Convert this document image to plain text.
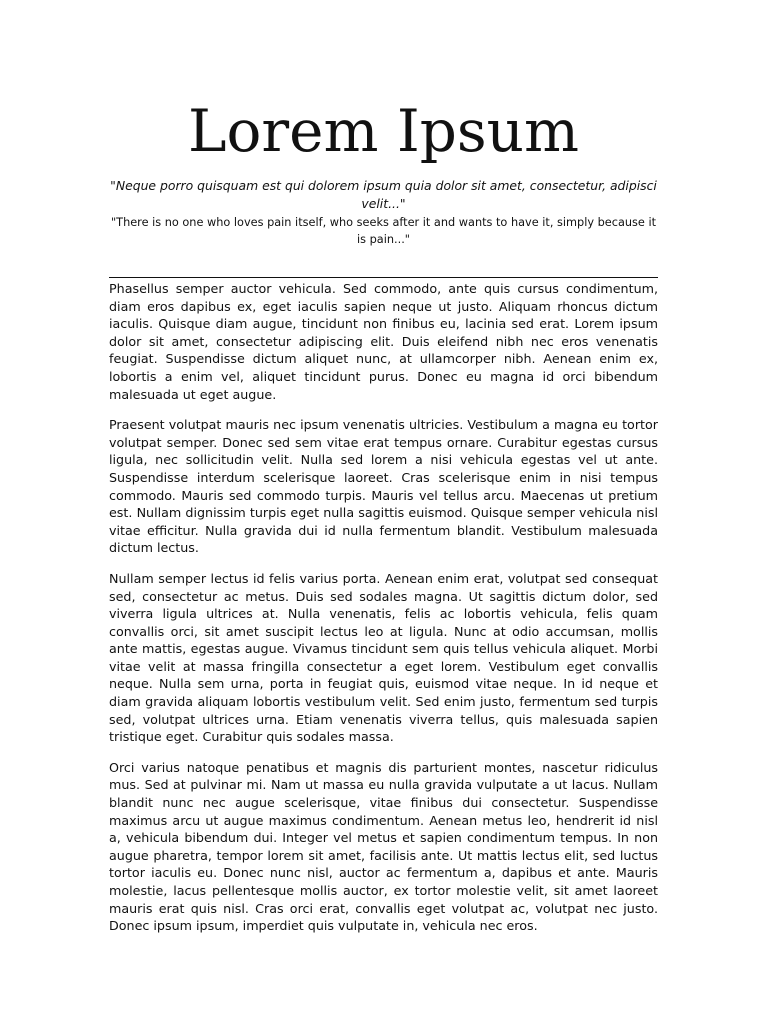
Lorem Ipsum

"Neque porro quisquam est qui dolorem ipsum quia dolor sit amet, consectetur, adipisci velit..."

"There is no one who loves pain itself, who seeks after it and wants to have it, simply because it is pain..."

Phasellus semper auctor vehicula. Sed commodo, ante quis cursus condimentum, diam eros dapibus ex, eget iaculis sapien neque ut justo. Aliquam rhoncus dictum iaculis. Quisque diam augue, tincidunt non finibus eu, lacinia sed erat. Lorem ipsum dolor sit amet, consectetur adipiscing elit. Duis eleifend nibh nec eros venenatis feugiat. Suspendisse dictum aliquet nunc, at ullamcorper nibh. Aenean enim ex, lobortis a enim vel, aliquet tincidunt purus. Donec eu magna id orci bibendum malesuada ut eget augue.

Praesent volutpat mauris nec ipsum venenatis ultricies. Vestibulum a magna eu tortor volutpat semper. Donec sed sem vitae erat tempus ornare. Curabitur egestas cursus ligula, nec sollicitudin velit. Nulla sed lorem a nisi vehicula egestas vel ut ante. Suspendisse interdum scelerisque laoreet. Cras scelerisque enim in nisi tempus commodo. Mauris sed commodo turpis. Mauris vel tellus arcu. Maecenas ut pretium est. Nullam dignissim turpis eget nulla sagittis euismod. Quisque semper vehicula nisl vitae efficitur. Nulla gravida dui id nulla fermentum blandit. Vestibulum malesuada dictum lectus.

Nullam semper lectus id felis varius porta. Aenean enim erat, volutpat sed consequat sed, consectetur ac metus. Duis sed sodales magna. Ut sagittis dictum dolor, sed viverra ligula ultrices at. Nulla venenatis, felis ac lobortis vehicula, felis quam convallis orci, sit amet suscipit lectus leo at ligula. Nunc at odio accumsan, mollis ante mattis, egestas augue. Vivamus tincidunt sem quis tellus vehicula aliquet. Morbi vitae velit at massa fringilla consectetur a eget lorem. Vestibulum eget convallis neque. Nulla sem urna, porta in feugiat quis, euismod vitae neque. In id neque et diam gravida aliquam lobortis vestibulum velit. Sed enim justo, fermentum sed turpis sed, volutpat ultrices urna. Etiam venenatis viverra tellus, quis malesuada sapien tristique eget. Curabitur quis sodales massa.

Orci varius natoque penatibus et magnis dis parturient montes, nascetur ridiculus mus. Sed at pulvinar mi. Nam ut massa eu nulla gravida vulputate a ut lacus. Nullam blandit nunc nec augue scelerisque, vitae finibus dui consectetur. Suspendisse maximus arcu ut augue maximus condimentum. Aenean metus leo, hendrerit id nisl a, vehicula bibendum dui. Integer vel metus et sapien condimentum tempus. In non augue pharetra, tempor lorem sit amet, facilisis ante. Ut mattis lectus elit, sed luctus tortor iaculis eu. Donec nunc nisl, auctor ac fermentum a, dapibus et ante. Mauris molestie, lacus pellentesque mollis auctor, ex tortor molestie velit, sit amet laoreet mauris erat quis nisl. Cras orci erat, convallis eget volutpat ac, volutpat nec justo. Donec ipsum ipsum, imperdiet quis vulputate in, vehicula nec eros.
